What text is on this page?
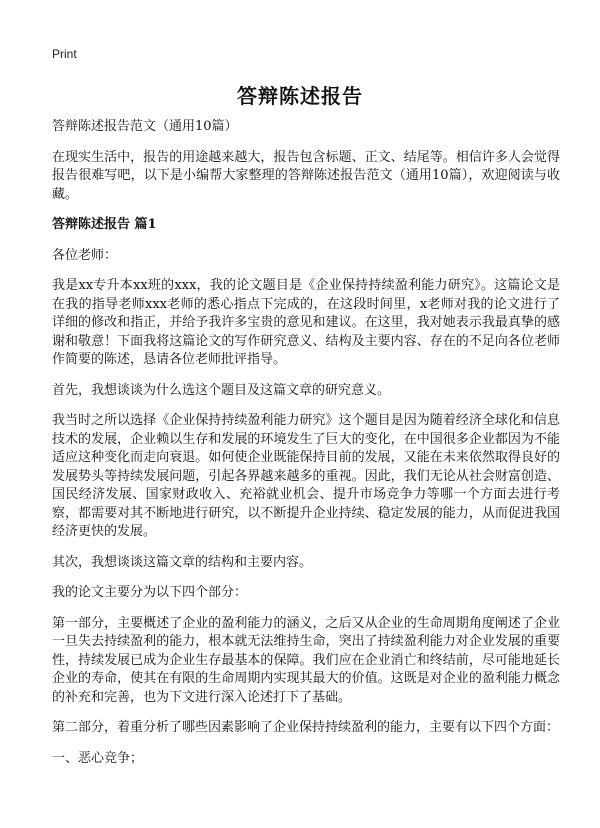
Print
答辩陈述报告

答辩陈述报告范文（通用10篇）

在现实生活中，报告的用途越来越大，报告包含标题、正文、结尾等。相信许多人会觉得报告很难写吧，以下是小编帮大家整理的答辩陈述报告范文（通用10篇），欢迎阅读与收藏。

答辩陈述报告 篇1

各位老师：

我是xx专升本xx班的xxx，我的论文题目是《企业保持持续盈利能力研究》。这篇论文是在我的指导老师xxx老师的悉心指点下完成的，在这段时间里，x老师对我的论文进行了详细的修改和指正，并给予我许多宝贵的意见和建议。在这里，我对她表示我最真挚的感谢和敬意！下面我将这篇论文的写作研究意义、结构及主要内容、存在的不足向各位老师作简要的陈述，恳请各位老师批评指导。

首先，我想谈谈为什么选这个题目及这篇文章的研究意义。

我当时之所以选择《企业保持持续盈利能力研究》这个题目是因为随着经济全球化和信息技术的发展，企业赖以生存和发展的环境发生了巨大的变化，在中国很多企业都因为不能适应这种变化而走向衰退。如何使企业既能保持目前的发展，又能在未来依然取得良好的发展势头等持续发展问题，引起各界越来越多的重视。因此，我们无论从社会财富创造、国民经济发展、国家财政收入、充裕就业机会、提升市场竞争力等哪一个方面去进行考察，都需要对其不断地进行研究，以不断提升企业持续、稳定发展的能力，从而促进我国经济更快的发展。

其次，我想谈谈这篇文章的结构和主要内容。

我的论文主要分为以下四个部分：

第一部分，主要概述了企业的盈利能力的涵义，之后又从企业的生命周期角度阐述了企业一旦失去持续盈利的能力，根本就无法维持生命，突出了持续盈利能力对企业发展的重要性，持续发展已成为企业生存最基本的保障。我们应在企业消亡和终结前，尽可能地延长企业的寿命，使其在有限的生命周期内实现其最大的价值。这既是对企业的盈利能力概念的补充和完善，也为下文进行深入论述打下了基础。

第二部分，着重分析了哪些因素影响了企业保持持续盈利的能力，主要有以下四个方面：

一、恶心竞争；
